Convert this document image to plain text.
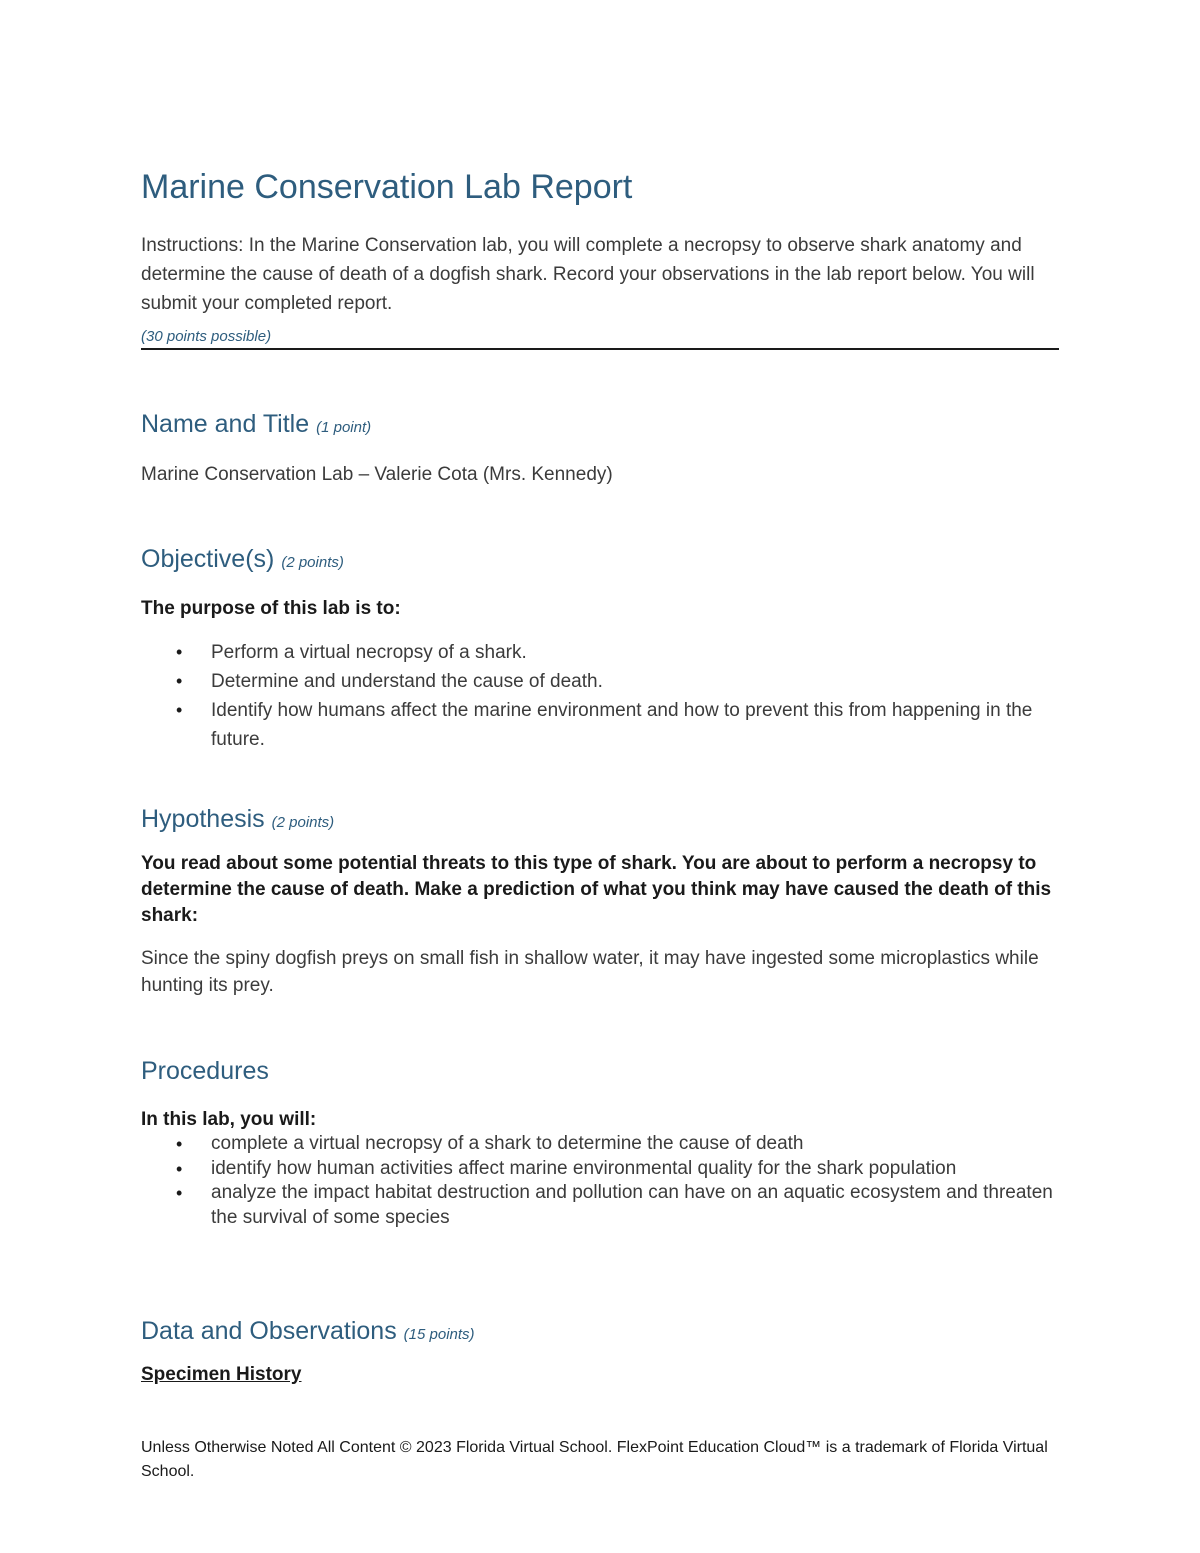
Marine Conservation Lab Report

Instructions: In the Marine Conservation lab, you will complete a necropsy to observe shark anatomy and determine the cause of death of a dogfish shark. Record your observations in the lab report below. You will submit your completed report.

(30 points possible)

Name and Title (1 point)

Marine Conservation Lab – Valerie Cota (Mrs. Kennedy)

Objective(s) (2 points)

The purpose of this lab is to:

• Perform a virtual necropsy of a shark.
• Determine and understand the cause of death.
• Identify how humans affect the marine environment and how to prevent this from happening in the future.
Hypothesis (2 points)

You read about some potential threats to this type of shark. You are about to perform a necropsy to determine the cause of death. Make a prediction of what you think may have caused the death of this shark:

Since the spiny dogfish preys on small fish in shallow water, it may have ingested some microplastics while hunting its prey.

Procedures

In this lab, you will:

• complete a virtual necropsy of a shark to determine the cause of death
• identify how human activities affect marine environmental quality for the shark population
• analyze the impact habitat destruction and pollution can have on an aquatic ecosystem and threaten the survival of some species
Data and Observations (15 points)

Specimen History

Unless Otherwise Noted All Content © 2023 Florida Virtual School. FlexPoint Education Cloud™ is a trademark of Florida Virtual School.
